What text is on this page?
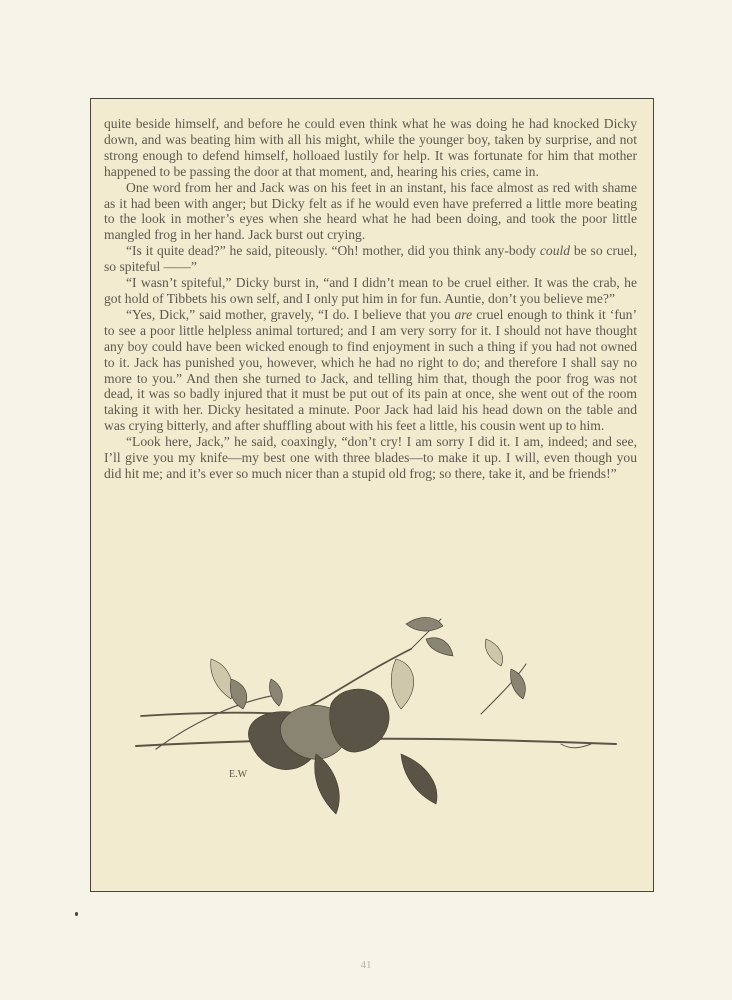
quite beside himself, and before he could even think what he was doing he had knocked Dicky down, and was beating him with all his might, while the younger boy, taken by surprise, and not strong enough to defend himself, holloaed lustily for help. It was fortunate for him that mother happened to be passing the door at that moment, and, hearing his cries, came in.

One word from her and Jack was on his feet in an instant, his face almost as red with shame as it had been with anger; but Dicky felt as if he would even have preferred a little more beating to the look in mother’s eyes when she heard what he had been doing, and took the poor little mangled frog in her hand. Jack burst out crying.

“Is it quite dead?” he said, piteously. “Oh! mother, did you think any-body could be so cruel, so spiteful ——”

“I wasn’t spiteful,” Dicky burst in, “and I didn’t mean to be cruel either. It was the crab, he got hold of Tibbets his own self, and I only put him in for fun. Auntie, don’t you believe me?”

“Yes, Dick,” said mother, gravely, “I do. I believe that you are cruel enough to think it ‘fun’ to see a poor little helpless animal tortured; and I am very sorry for it. I should not have thought any boy could have been wicked enough to find enjoyment in such a thing if you had not owned to it. Jack has punished you, however, which he had no right to do; and therefore I shall say no more to you.” And then she turned to Jack, and telling him that, though the poor frog was not dead, it was so badly injured that it must be put out of its pain at once, she went out of the room taking it with her. Dicky hesitated a minute. Poor Jack had laid his head down on the table and was crying bitterly, and after shuffling about with his feet a little, his cousin went up to him.

“Look here, Jack,” he said, coaxingly, “don’t cry! I am sorry I did it. I am, indeed; and see, I’ll give you my knife—my best one with three blades—to make it up. I will, even though you did hit me; and it’s ever so much nicer than a stupid old frog; so there, take it, and be friends!”

E.W
41
